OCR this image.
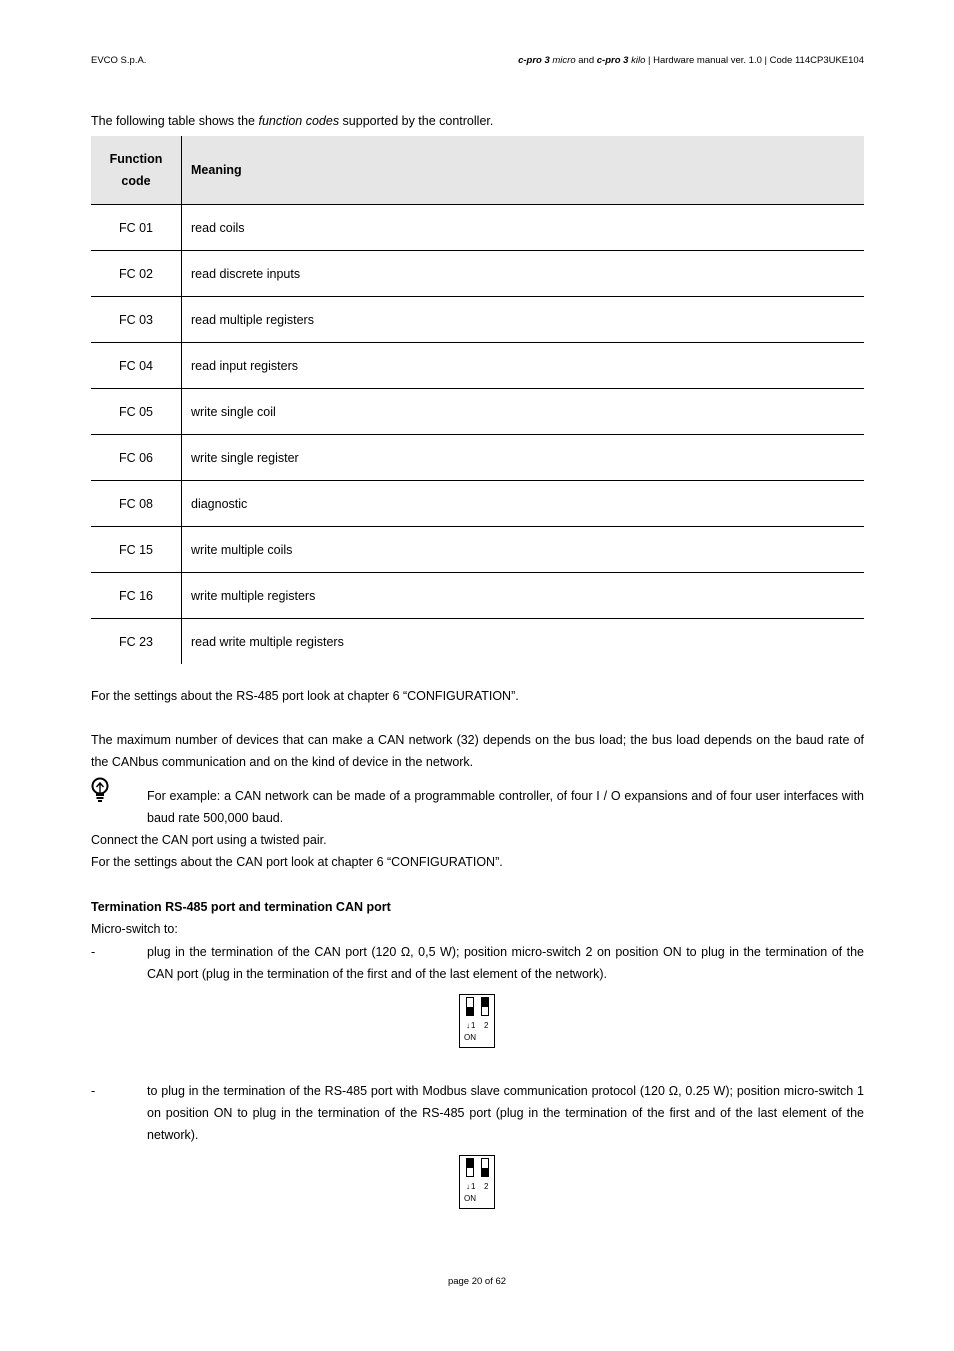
EVCO S.p.A.	c-pro 3 micro and c-pro 3 kilo | Hardware manual ver. 1.0 | Code 114CP3UKE104
The following table shows the function codes supported by the controller.
Function code	Meaning
FC 01	read coils
FC 02	read discrete inputs
FC 03	read multiple registers
FC 04	read input registers
FC 05	write single coil
FC 06	write single register
FC 08	diagnostic
FC 15	write multiple coils
FC 16	write multiple registers
FC 23	read write multiple registers
For the settings about the RS-485 port look at chapter 6 “CONFIGURATION”.
The maximum number of devices that can make a CAN network (32) depends on the bus load; the bus load depends on the baud rate of the CANbus communication and on the kind of device in the network.
For example: a CAN network can be made of a programmable controller, of four I / O expansions and of four user interfaces with baud rate 500,000 baud.
Connect the CAN port using a twisted pair.
For the settings about the CAN port look at chapter 6 “CONFIGURATION”.
Termination RS-485 port and termination CAN port
Micro-switch to:
-	plug in the termination of the CAN port (120 Ω, 0,5 W); position micro-switch 2 on position ON to plug in the termination of the CAN port (plug in the termination of the first and of the last element of the network).
↓ 1 2
ON
-	to plug in the termination of the RS-485 port with Modbus slave communication protocol (120 Ω, 0.25 W); position micro-switch 1 on position ON to plug in the termination of the RS-485 port (plug in the termination of the first and of the last element of the network).
↓ 1 2
ON
page 20 of 62
